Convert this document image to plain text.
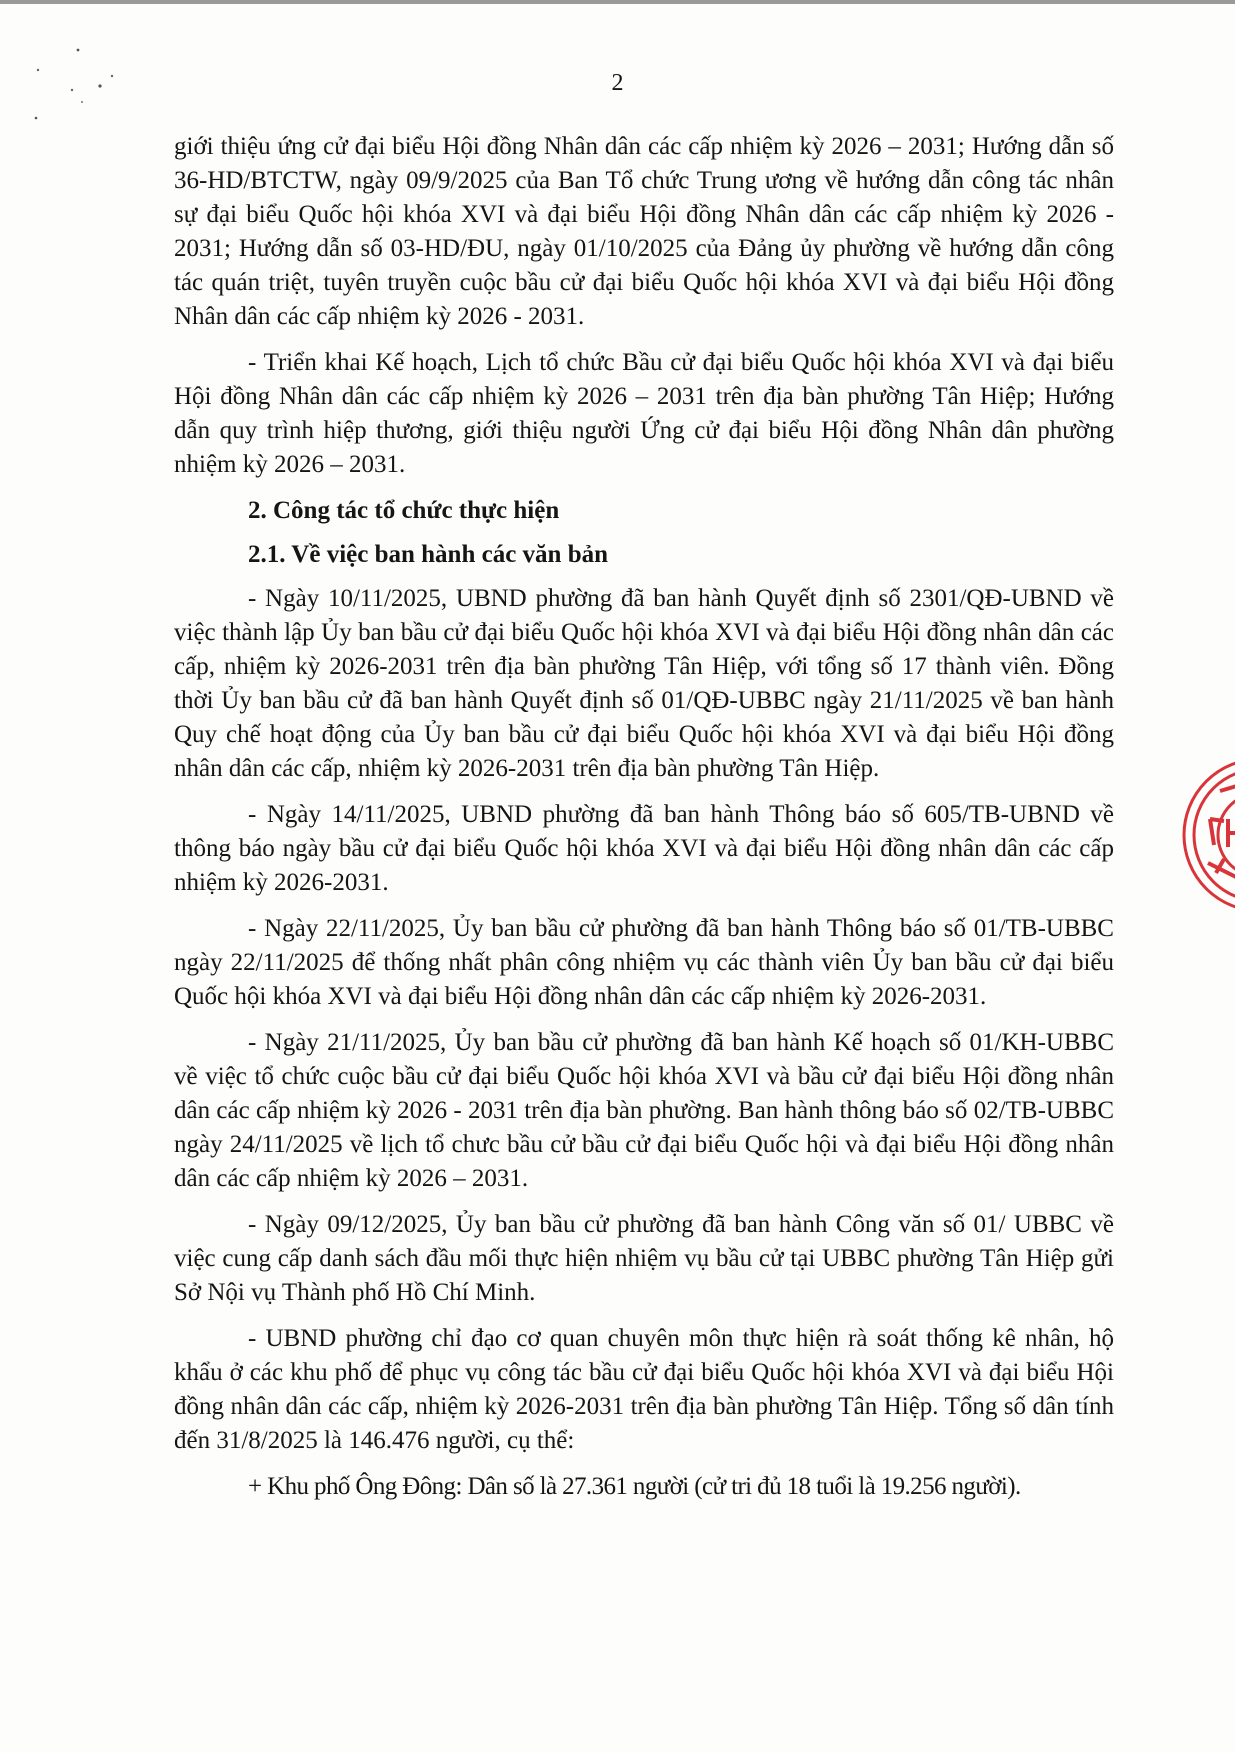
2

giới thiệu ứng cử đại biểu Hội đồng Nhân dân các cấp nhiệm kỳ 2026 – 2031; Hướng dẫn số 36-HD/BTCTW, ngày 09/9/2025 của Ban Tổ chức Trung ương về hướng dẫn công tác nhân sự đại biểu Quốc hội khóa XVI và đại biểu Hội đồng Nhân dân các cấp nhiệm kỳ 2026 - 2031; Hướng dẫn số 03-HD/ĐU, ngày 01/10/2025 của Đảng ủy phường về hướng dẫn công tác quán triệt, tuyên truyền cuộc bầu cử đại biểu Quốc hội khóa XVI và đại biểu Hội đồng Nhân dân các cấp nhiệm kỳ 2026 - 2031.

- Triển khai Kế hoạch, Lịch tổ chức Bầu cử đại biểu Quốc hội khóa XVI và đại biểu Hội đồng Nhân dân các cấp nhiệm kỳ 2026 – 2031 trên địa bàn phường Tân Hiệp; Hướng dẫn quy trình hiệp thương, giới thiệu người Ứng cử đại biểu Hội đồng Nhân dân phường nhiệm kỳ 2026 – 2031.

2. Công tác tổ chức thực hiện

2.1. Về việc ban hành các văn bản

- Ngày 10/11/2025, UBND phường đã ban hành Quyết định số 2301/QĐ-UBND về việc thành lập Ủy ban bầu cử đại biểu Quốc hội khóa XVI và đại biểu Hội đồng nhân dân các cấp, nhiệm kỳ 2026-2031 trên địa bàn phường Tân Hiệp, với tổng số 17 thành viên. Đồng thời Ủy ban bầu cử đã ban hành Quyết định số 01/QĐ-UBBC ngày 21/11/2025 về ban hành Quy chế hoạt động của Ủy ban bầu cử đại biểu Quốc hội khóa XVI và đại biểu Hội đồng nhân dân các cấp, nhiệm kỳ 2026-2031 trên địa bàn phường Tân Hiệp.

- Ngày 14/11/2025, UBND phường đã ban hành Thông báo số 605/TB-UBND về thông báo ngày bầu cử đại biểu Quốc hội khóa XVI và đại biểu Hội đồng nhân dân các cấp nhiệm kỳ 2026-2031.

- Ngày 22/11/2025, Ủy ban bầu cử phường đã ban hành Thông báo số 01/TB-UBBC ngày 22/11/2025 để thống nhất phân công nhiệm vụ các thành viên Ủy ban bầu cử đại biểu Quốc hội khóa XVI và đại biểu Hội đồng nhân dân các cấp nhiệm kỳ 2026-2031.

- Ngày 21/11/2025, Ủy ban bầu cử phường đã ban hành Kế hoạch số 01/KH-UBBC về việc tổ chức cuộc bầu cử đại biểu Quốc hội khóa XVI và bầu cử đại biểu Hội đồng nhân dân các cấp nhiệm kỳ 2026 - 2031 trên địa bàn phường. Ban hành thông báo số 02/TB-UBBC ngày 24/11/2025 về lịch tổ chưc bầu cử bầu cử đại biểu Quốc hội và đại biểu Hội đồng nhân dân các cấp nhiệm kỳ 2026 – 2031.

- Ngày 09/12/2025, Ủy ban bầu cử phường đã ban hành Công văn số 01/ UBBC về việc cung cấp danh sách đầu mối thực hiện nhiệm vụ bầu cử tại UBBC phường Tân Hiệp gửi Sở Nội vụ Thành phố Hồ Chí Minh.

- UBND phường chỉ đạo cơ quan chuyên môn thực hiện rà soát thống kê nhân, hộ khẩu ở các khu phố để phục vụ công tác bầu cử đại biểu Quốc hội khóa XVI và đại biểu Hội đồng nhân dân các cấp, nhiệm kỳ 2026-2031 trên địa bàn phường Tân Hiệp. Tổng số dân tính đến 31/8/2025 là 146.476 người, cụ thể:

+ Khu phố Ông Đông: Dân số là 27.361 người (cử tri đủ 18 tuổi là 19.256 người).
